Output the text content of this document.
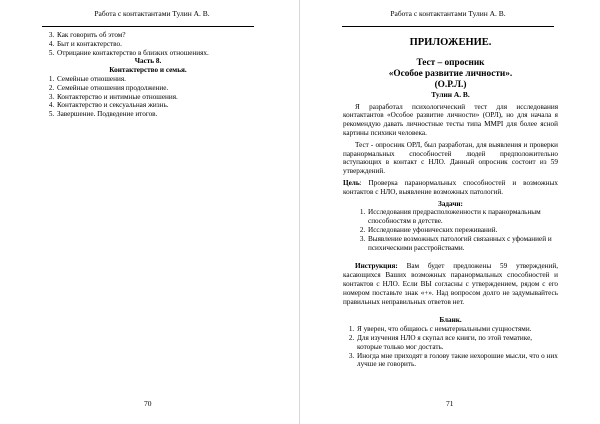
Работа с контактантами Тулин А. В.
3. Как говорить об этом?
4. Быт и контактерство.
5. Отрицание контактерство в близких отношениях.
Часть 8.
Контактерство и семья.
1. Семейные отношения.
2. Семейные отношения продолжение.
3. Контактерство и интимные отношения.
4. Контактерство и сексуальная жизнь.
5. Завершение. Подведение итогов.
70
Работа с контактантами Тулин А. В.
ПРИЛОЖЕНИЕ.
Тест – опросник
«Особое развитие личности».
(О.Р.Л.)
Тулин А. В.

Я разработал психологический тест для исследования контактантов «Особое развитие личности» (ОРЛ), но для начала я рекомендую давать личностные тесты типа ММРI для более ясной картины психики человека.

Тест - опросник ОРЛ, был разработан, для выявления и проверки паранормальных способностей людей предположительно вступающих в контакт с НЛО. Данный опросник состоит из 59 утверждений.

Цель: Проверка паранормальных способностей и возможных контактов с НЛО, выявление возможных патологий.

Задачи:
1. Исследования предрасположенности к паранормальным способностям в детстве.
2. Исследование уфонических переживаний.
3. Выявление возможных патологий связанных с уфоманией и психическими расстройствами.

Инструкция: Вам будет предложены 59 утверждений, касающихся Ваших возможных паранормальных способностей и контактов с НЛО. Если ВЫ согласны с утверждением, рядом с его номером поставьте знак «+». Над вопросом долго не задумывайтесь правильных неправильных ответов нет.

Бланк.
1. Я уверен, что общаюсь с нематериальными сущностями.
2. Для изучения НЛО я скупал все книги, по этой тематике, которые только мог достать.
3. Иногда мне приходят в голову такие нехорошие мысли, что о них лучше не говорить.
71
